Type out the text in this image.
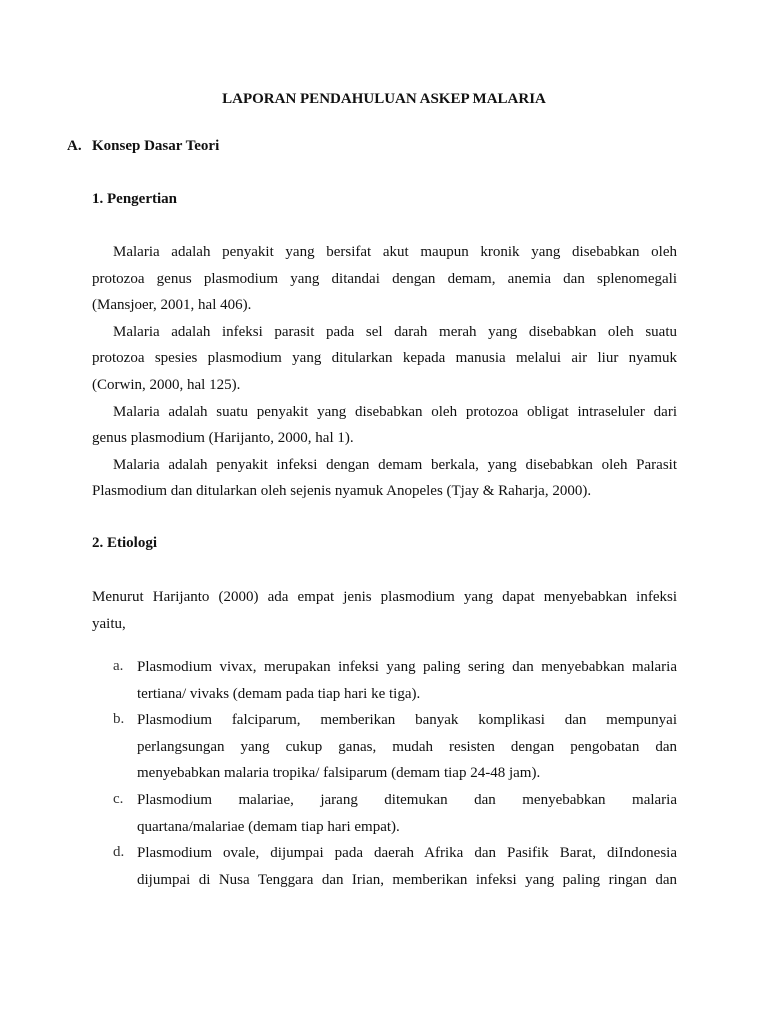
LAPORAN PENDAHULUAN ASKEP MALARIA
A. Konsep Dasar Teori
1. Pengertian
Malaria adalah penyakit yang bersifat akut maupun kronik yang disebabkan oleh
protozoa genus plasmodium yang ditandai dengan demam, anemia dan splenomegali
(Mansjoer, 2001, hal 406).
Malaria adalah infeksi parasit pada sel darah merah yang disebabkan oleh suatu
protozoa spesies plasmodium yang ditularkan kepada manusia melalui air liur nyamuk
(Corwin, 2000, hal 125).
Malaria adalah suatu penyakit yang disebabkan oleh protozoa obligat intraseluler dari
genus plasmodium (Harijanto, 2000, hal 1).
Malaria adalah penyakit infeksi dengan demam berkala, yang disebabkan oleh Parasit
Plasmodium dan ditularkan oleh sejenis nyamuk Anopeles (Tjay & Raharja, 2000).
2. Etiologi
Menurut Harijanto (2000) ada empat jenis plasmodium yang dapat menyebabkan infeksi
yaitu,
a. Plasmodium vivax, merupakan infeksi yang paling sering dan menyebabkan malaria
tertiana/ vivaks (demam pada tiap hari ke tiga).
b. Plasmodium falciparum, memberikan banyak komplikasi dan mempunyai
perlangsungan yang cukup ganas, mudah resisten dengan pengobatan dan
menyebabkan malaria tropika/ falsiparum (demam tiap 24-48 jam).
c. Plasmodium malariae, jarang ditemukan dan menyebabkan malaria
quartana/malariae (demam tiap hari empat).
d. Plasmodium ovale, dijumpai pada daerah Afrika dan Pasifik Barat, diIndonesia
dijumpai di Nusa Tenggara dan Irian, memberikan infeksi yang paling ringan dan
